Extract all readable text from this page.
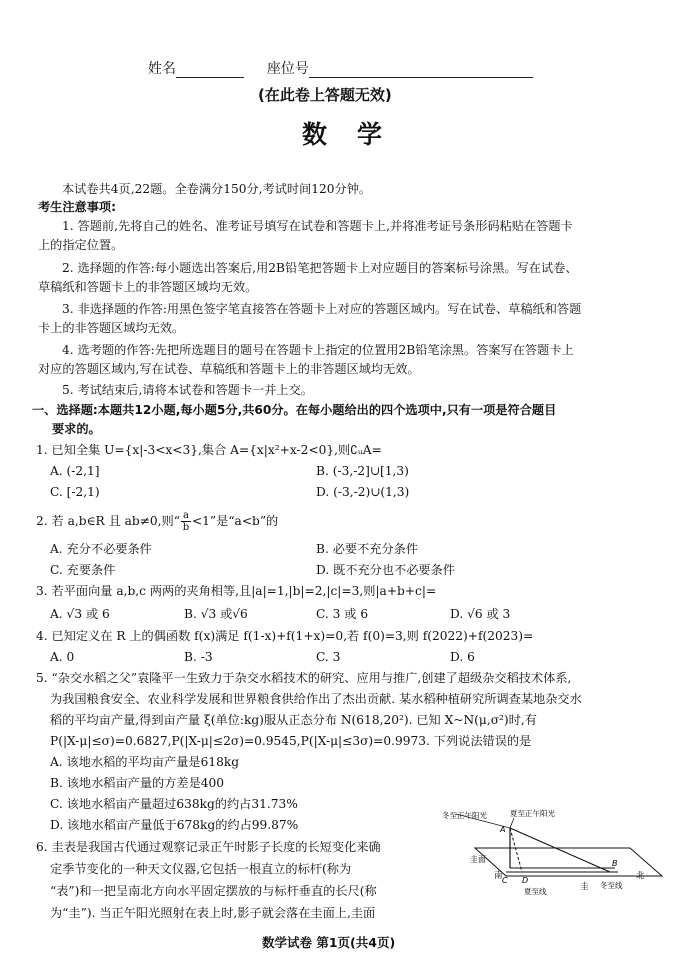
姓名	座位号
(在此卷上答题无效)
数学
本试卷共4页,22题。全卷满分150分,考试时间120分钟。
考生注意事项:
1. 答题前,先将自己的姓名、准考证号填写在试卷和答题卡上,并将准考证号条形码粘贴在答题卡
上的指定位置。
2. 选择题的作答:每小题选出答案后,用2B铅笔把答题卡上对应题目的答案标号涂黑。写在试卷、
草稿纸和答题卡上的非答题区域均无效。
3. 非选择题的作答:用黑色签字笔直接答在答题卡上对应的答题区域内。写在试卷、草稿纸和答题
卡上的非答题区域均无效。
4. 选考题的作答:先把所选题目的题号在答题卡上指定的位置用2B铅笔涂黑。答案写在答题卡上
对应的答题区域内,写在试卷、草稿纸和答题卡上的非答题区域均无效。
5. 考试结束后,请将本试卷和答题卡一并上交。
一、选择题:本题共12小题,每小题5分,共60分。在每小题给出的四个选项中,只有一项是符合题目
要求的。
1. 已知全集 U={x|-3<x<3},集合 A={x|x²+x-2<0},则∁ᵤA=
A. (-2,1]	B. (-3,-2]∪[1,3)
C. [-2,1)	D. (-3,-2)∪(1,3)
2. 若 a,b∈R 且 ab≠0,则“ $\frac{a}{b} <1$”是“a<b”的
A. 充分不必要条件	B. 必要不充分条件
C. 充要条件	D. 既不充分也不必要条件
3. 若平面向量 a,b,c 两两的夹角相等,且|a|=1,|b|=2,|c|=3,则|a+b+c|=
A. √3 或 6	B. √3 或√6	C. 3 或 6	D. √6 或 3
4. 已知定义在 R 上的偶函数 f(x)满足 f(1-x)+f(1+x)=0,若 f(0)=3,则 f(2022)+f(2023)=
A. 0	B. -3	C. 3	D. 6
5. “杂交水稻之父”袁隆平一生致力于杂交水稻技术的研究、应用与推广,创建了超级杂交稻技术体系,
为我国粮食安全、农业科学发展和世界粮食供给作出了杰出贡献. 某水稻种植研究所调查某地杂交水
稻的平均亩产量,得到亩产量 ξ(单位:kg)服从正态分布 N(618,20²). 已知 X~N(μ,σ²)时,有
P(|X-μ|≤σ)=0.6827,P(|X-μ|≤2σ)=0.9545,P(|X-μ|≤3σ)=0.9973. 下列说法错误的是
A. 该地水稻的平均亩产量是618kg
B. 该地水稻亩产量的方差是400
C. 该地水稻亩产量超过638kg的约占31.73%
D. 该地水稻亩产量低于678kg的约占99.87%
6. 圭表是我国古代通过观察记录正午时影子长度的长短变化来确
定季节变化的一种天文仪器,它包括一根直立的标杆(称为
“表”)和一把呈南北方向水平固定摆放的与标杆垂直的长尺(称
为“圭”). 当正午阳光照射在表上时,影子就会落在圭面上,圭面
冬至正午阳光	夏至正午阳光
圭面
南	北
圭
夏至线
冬至线
A
C D
B
数学试卷 第1页(共4页)
